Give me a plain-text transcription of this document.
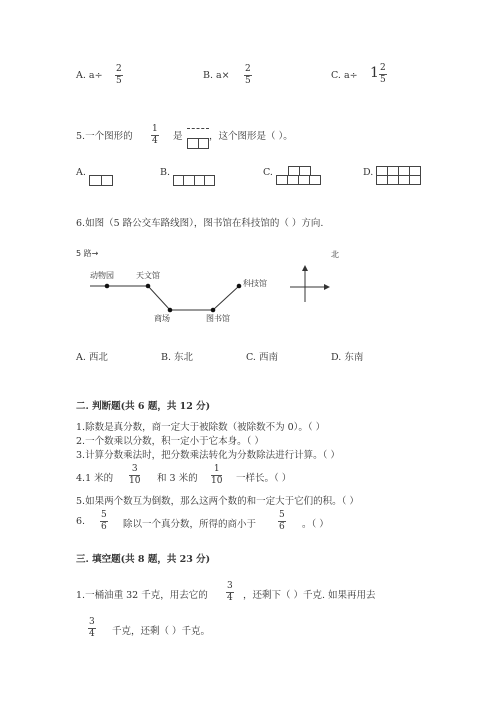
A. $a\div \frac{2}{5}$	B. $a\times \frac{2}{5}$	C. $a\div 1 \frac{2}{5}$
5.一个图形的 $\frac{1}{4}$ 是	，这个图形是（ ）。
A.	B.	C.	D.
6.如图（5 路公交车路线图），图书馆在科技馆的（ ）方向.
5 路→	北
动物园	天文馆
商场	图书馆
科技馆
A. 西北	B. 东北	C. 西南	D. 东南
二. 判断题(共 6 题，共 12 分)
1.除数是真分数，商一定大于被除数（被除数不为 0）。（ ）
2.一个数乘以分数，积一定小于它本身。（ ）
3.计算分数乘法时，把分数乘法转化为分数除法进行计算。（ ）
4.1 米的 $\frac{3}{10}$ 和 3 米的 $\frac{1}{10}$ 一样长。（ ）
5.如果两个数互为倒数，那么这两个数的和一定大于它们的积。（ ）
6. $\frac{5}{6}$ 除以一个真分数，所得的商小于 $\frac{5}{6}$ 。（ ）
三. 填空题(共 8 题，共 23 分)
1.一桶油重 32 千克，用去它的 $\frac{3}{4}$ ，还剩下（ ）千克. 如果再用去
$\frac{3}{4}$ 千克，还剩（ ）千克。
